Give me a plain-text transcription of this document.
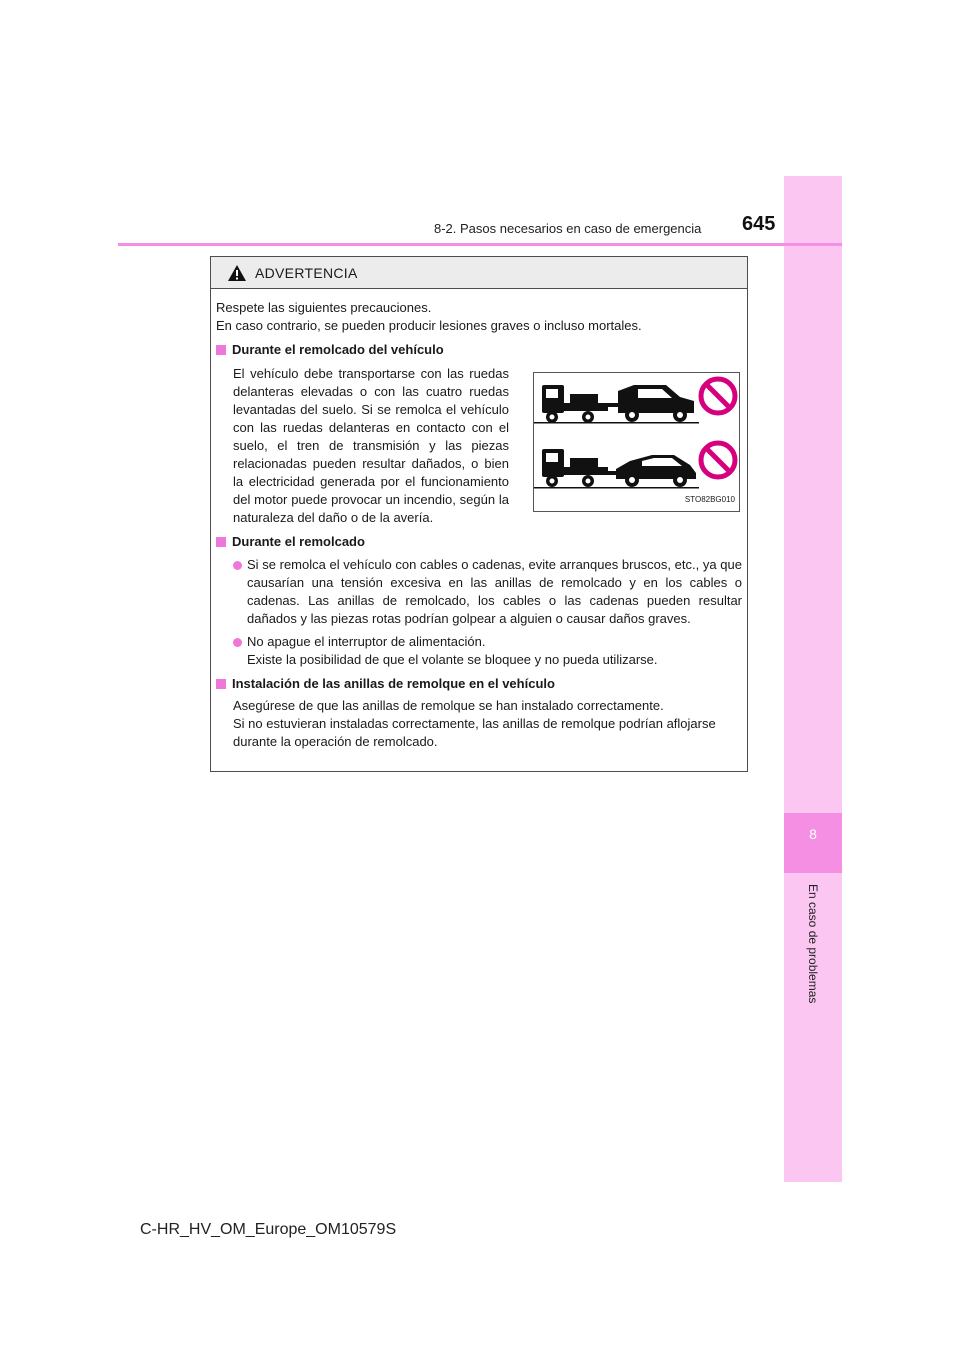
8
En caso de problemas
8-2. Pasos necesarios en caso de emergencia 645
ADVERTENCIA

Respete las siguientes precauciones.

En caso contrario, se pueden producir lesiones graves o incluso mortales.

Durante el remolcado del vehículo
El vehículo debe transportarse con las ruedas delanteras elevadas o con las cuatro ruedas levantadas del suelo. Si se remolca el vehículo con las ruedas delanteras en contacto con el suelo, el tren de transmisión y las piezas relacionadas pueden resultar dañados, o bien la electricidad generada por el funcionamiento del motor puede provocar un incendio, según la naturaleza del daño o de la avería.
STO82BG010
Durante el remolcado
Si se remolca el vehículo con cables o cadenas, evite arranques bruscos, etc., ya que causarían una tensión excesiva en las anillas de remolcado y en los cables o cadenas. Las anillas de remolcado, los cables o las cadenas pueden resultar dañados y las piezas rotas podrían golpear a alguien o causar daños graves.
No apague el interruptor de alimentación.
Existe la posibilidad de que el volante se bloquee y no pueda utilizarse.
Instalación de las anillas de remolque en el vehículo
Asegúrese de que las anillas de remolque se han instalado correctamente.
Si no estuvieran instaladas correctamente, las anillas de remolque podrían aflojarse durante la operación de remolcado.
C-HR_HV_OM_Europe_OM10579S
